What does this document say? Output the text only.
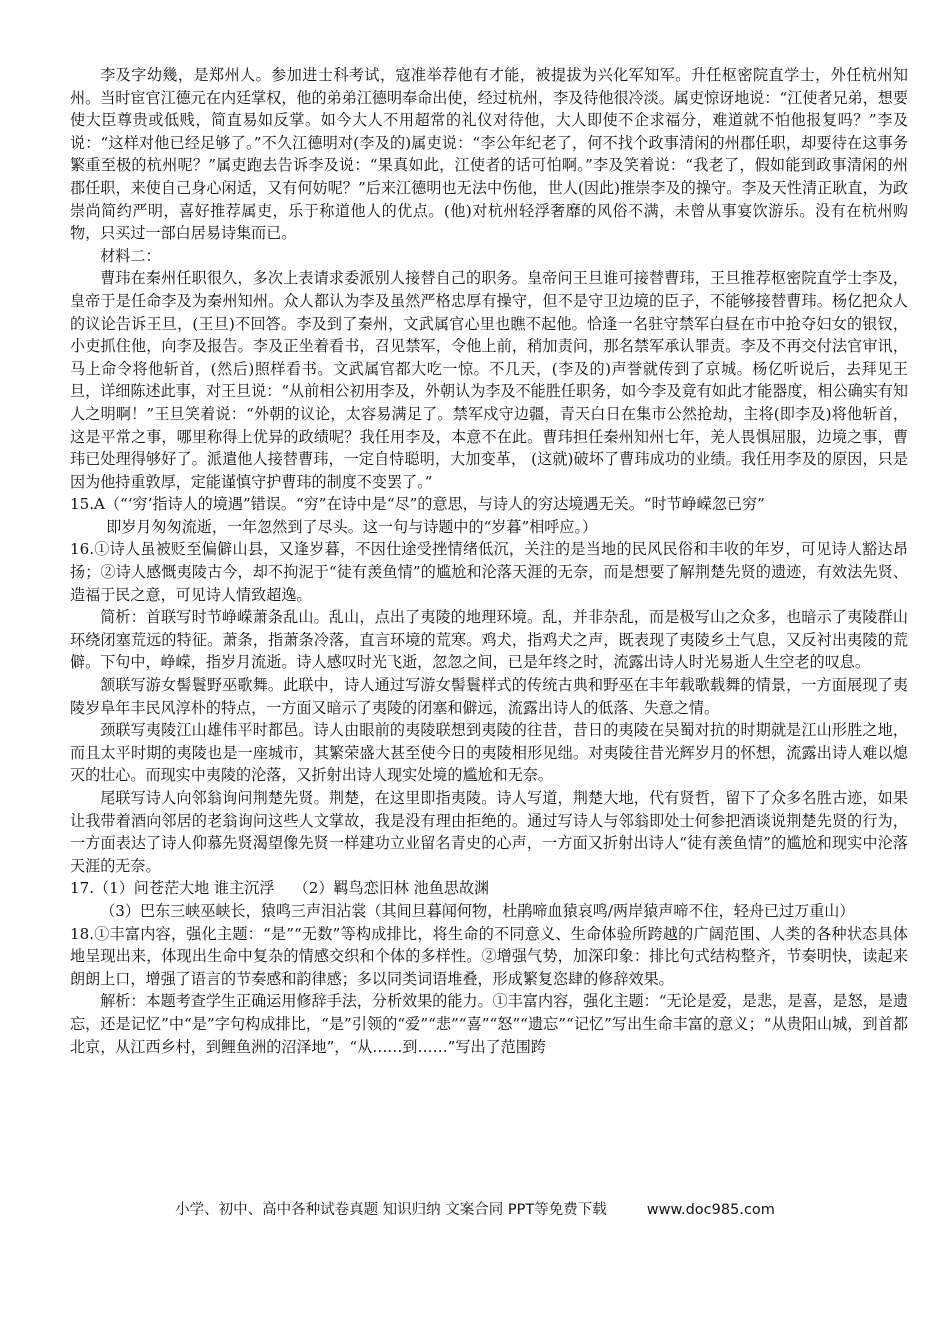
李及字幼幾，是郑州人。参加进士科考试，寇准举荐他有才能，被提拔为兴化军知军。升任枢密院直学士，外任杭州知州。当时宦官江德元在内廷掌权，他的弟弟江德明奉命出使，经过杭州，李及待他很冷淡。属吏惊讶地说：“江使者兄弟，想要使大臣尊贵或低贱，简直易如反掌。如今大人不用超常的礼仪对待他，大人即使不企求福分，难道就不怕他报复吗？”李及说：“这样对他已经足够了。”不久江德明对(李及的)属吏说：“李公年纪老了，何不找个政事清闲的州郡任职，却要待在这事务繁重至极的杭州呢？”属吏跑去告诉李及说：“果真如此，江使者的话可怕啊。”李及笑着说：“我老了，假如能到政事清闲的州郡任职，来使自己身心闲适，又有何妨呢？”后来江德明也无法中伤他，世人(因此)推崇李及的操守。李及天性清正耿直，为政崇尚简约严明，喜好推荐属吏，乐于称道他人的优点。(他)对杭州轻浮奢靡的风俗不满，未曾从事宴饮游乐。没有在杭州购物，只买过一部白居易诗集而已。

材料二：

曹玮在秦州任职很久，多次上表请求委派别人接替自己的职务。皇帝问王旦谁可接替曹玮，王旦推荐枢密院直学士李及，皇帝于是任命李及为秦州知州。众人都认为李及虽然严格忠厚有操守，但不是守卫边境的臣子，不能够接替曹玮。杨亿把众人的议论告诉王旦，(王旦)不回答。李及到了秦州，文武属官心里也瞧不起他。恰逢一名驻守禁军白昼在市中抢夺妇女的银钗，小吏抓住他，向李及报告。李及正坐着看书，召见禁军，令他上前，稍加责问，那名禁军承认罪责。李及不再交付法官审讯，马上命令将他斩首，(然后)照样看书。文武属官都大吃一惊。不几天，(李及的)声誉就传到了京城。杨亿听说后，去拜见王旦，详细陈述此事，对王旦说：“从前相公初用李及，外朝认为李及不能胜任职务，如今李及竟有如此才能器度，相公确实有知人之明啊！”王旦笑着说：“外朝的议论，太容易满足了。禁军戍守边疆，青天白日在集市公然抢劫，主将(即李及)将他斩首，这是平常之事，哪里称得上优异的政绩呢？我任用李及，本意不在此。曹玮担任秦州知州七年，羌人畏惧屈服，边境之事，曹玮已处理得够好了。派遣他人接替曹玮，一定自恃聪明，大加变革， (这就)破坏了曹玮成功的业绩。我任用李及的原因，只是因为他持重敦厚，定能谨慎守护曹玮的制度不变罢了。”

15.A（“‘穷’指诗人的境遇”错误。“穷”在诗中是“尽”的意思，与诗人的穷达境遇无关。“时节峥嵘忽已穷”

即岁月匆匆流逝，一年忽然到了尽头。这一句与诗题中的“岁暮”相呼应。）

16.①诗人虽被贬至偏僻山县，又逢岁暮，不因仕途受挫情绪低沉，关注的是当地的民风民俗和丰收的年岁，可见诗人豁达昂扬；②诗人感慨夷陵古今，却不拘泥于“徒有羡鱼情”的尴尬和沦落天涯的无奈，而是想要了解荆楚先贤的遗迹，有效法先贤、造福于民之意，可见诗人情致超逸。

简析：首联写时节峥嵘萧条乱山。乱山，点出了夷陵的地理环境。乱，并非杂乱，而是极写山之众多，也暗示了夷陵群山环绕闭塞荒远的特征。萧条，指萧条冷落，直言环境的荒寒。鸡犬，指鸡犬之声，既表现了夷陵乡土气息，又反衬出夷陵的荒僻。下句中，峥嵘，指岁月流逝。诗人感叹时光飞逝，忽忽之间，已是年终之时，流露出诗人时光易逝人生空老的叹息。

颔联写游女髻鬟野巫歌舞。此联中，诗人通过写游女髻鬟样式的传统古典和野巫在丰年载歌载舞的情景，一方面展现了夷陵岁阜年丰民风淳朴的特点，一方面又暗示了夷陵的闭塞和僻远，流露出诗人的低落、失意之情。

颈联写夷陵江山雄伟平时都邑。诗人由眼前的夷陵联想到夷陵的往昔，昔日的夷陵在吴蜀对抗的时期就是江山形胜之地，而且太平时期的夷陵也是一座城市，其繁荣盛大甚至使今日的夷陵相形见绌。对夷陵往昔光辉岁月的怀想，流露出诗人难以熄灭的壮心。而现实中夷陵的沦落，又折射出诗人现实处境的尴尬和无奈。

尾联写诗人向邻翁询问荆楚先贤。荆楚，在这里即指夷陵。诗人写道，荆楚大地，代有贤哲，留下了众多名胜古迹，如果让我带着酒向邻居的老翁询问这些人文掌故，我是没有理由拒绝的。通过写诗人与邻翁即处士何参把酒谈说荆楚先贤的行为，一方面表达了诗人仰慕先贤渴望像先贤一样建功立业留名青史的心声，一方面又折射出诗人“徒有羡鱼情”的尴尬和现实中沦落天涯的无奈。

17.（1）问苍茫大地 谁主沉浮    （2）羁鸟恋旧林 池鱼思故渊

（3）巴东三峡巫峡长，猿鸣三声泪沾裳（其间旦暮闻何物，杜鹃啼血猿哀鸣/两岸猿声啼不住，轻舟已过万重山）

18.①丰富内容，强化主题：“是”“无数”等构成排比，将生命的不同意义、生命体验所跨越的广阔范围、人类的各种状态具体地呈现出来，体现出生命中复杂的情感交织和个体的多样性。②增强气势，加深印象：排比句式结构整齐，节奏明快，读起来朗朗上口，增强了语言的节奏感和韵律感；多以同类词语堆叠，形成繁复恣肆的修辞效果。

解析：本题考查学生正确运用修辞手法，分析效果的能力。①丰富内容，强化主题：“无论是爱，是悲，是喜，是怒，是遗忘，还是记忆”中“是”字句构成排比，“是”引领的“爱”“悲”“喜”“怒”“遗忘”“记忆”写出生命丰富的意义；“从贵阳山城，到首都北京，从江西乡村，到鲤鱼洲的沼泽地”，“从……到……”写出了范围跨

小学、初中、高中各种试卷真题 知识归纳 文案合同 PPT等免费下载	www.doc985.com
